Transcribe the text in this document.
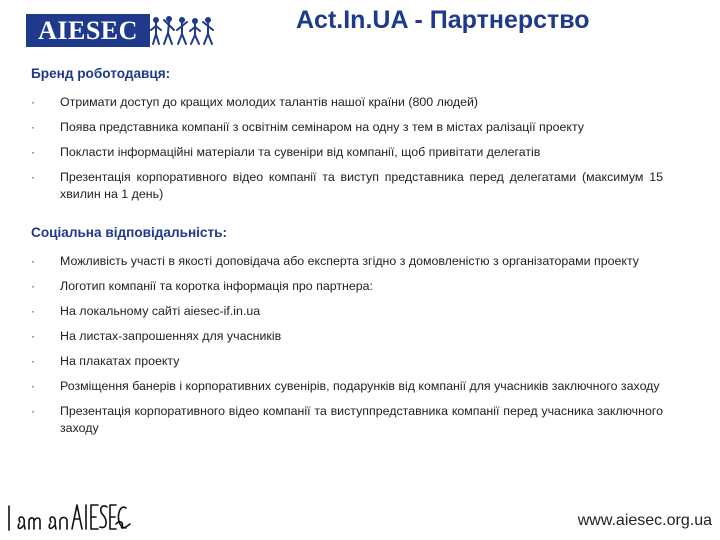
AIESEC	Act.In.UA - Партнерство
Бренд роботодавця:
· Отримати доступ до кращих молодих талантів нашої країни (800 людей)
· Поява представника компанії з освітнім семінаром на одну з тем в містах ралізації проекту
· Покласти інформаційні матеріали та сувеніри від компанії, щоб привітати делегатів
· Презентація корпоративного відео компанії та виступ представника перед делегатами (максимум 15 хвилин на 1 день)
Соціальна відповідальність:
· Можливість участі в якості доповідача або експерта згідно з домовленістю з організаторами проекту
· Логотип компанії та коротка інформація про партнера:
· На локальному сайті aiesec-if.in.ua
· На листах-запрошеннях для учасників
· На плакатах проекту
· Розміщення банерів і корпоративних сувенірів, подарунків від компанії для учасників заключного заходу
· Презентація корпоративного відео компанії та виступпредставника компанії перед учасника заключного заходу
www.aiesec.org.ua
